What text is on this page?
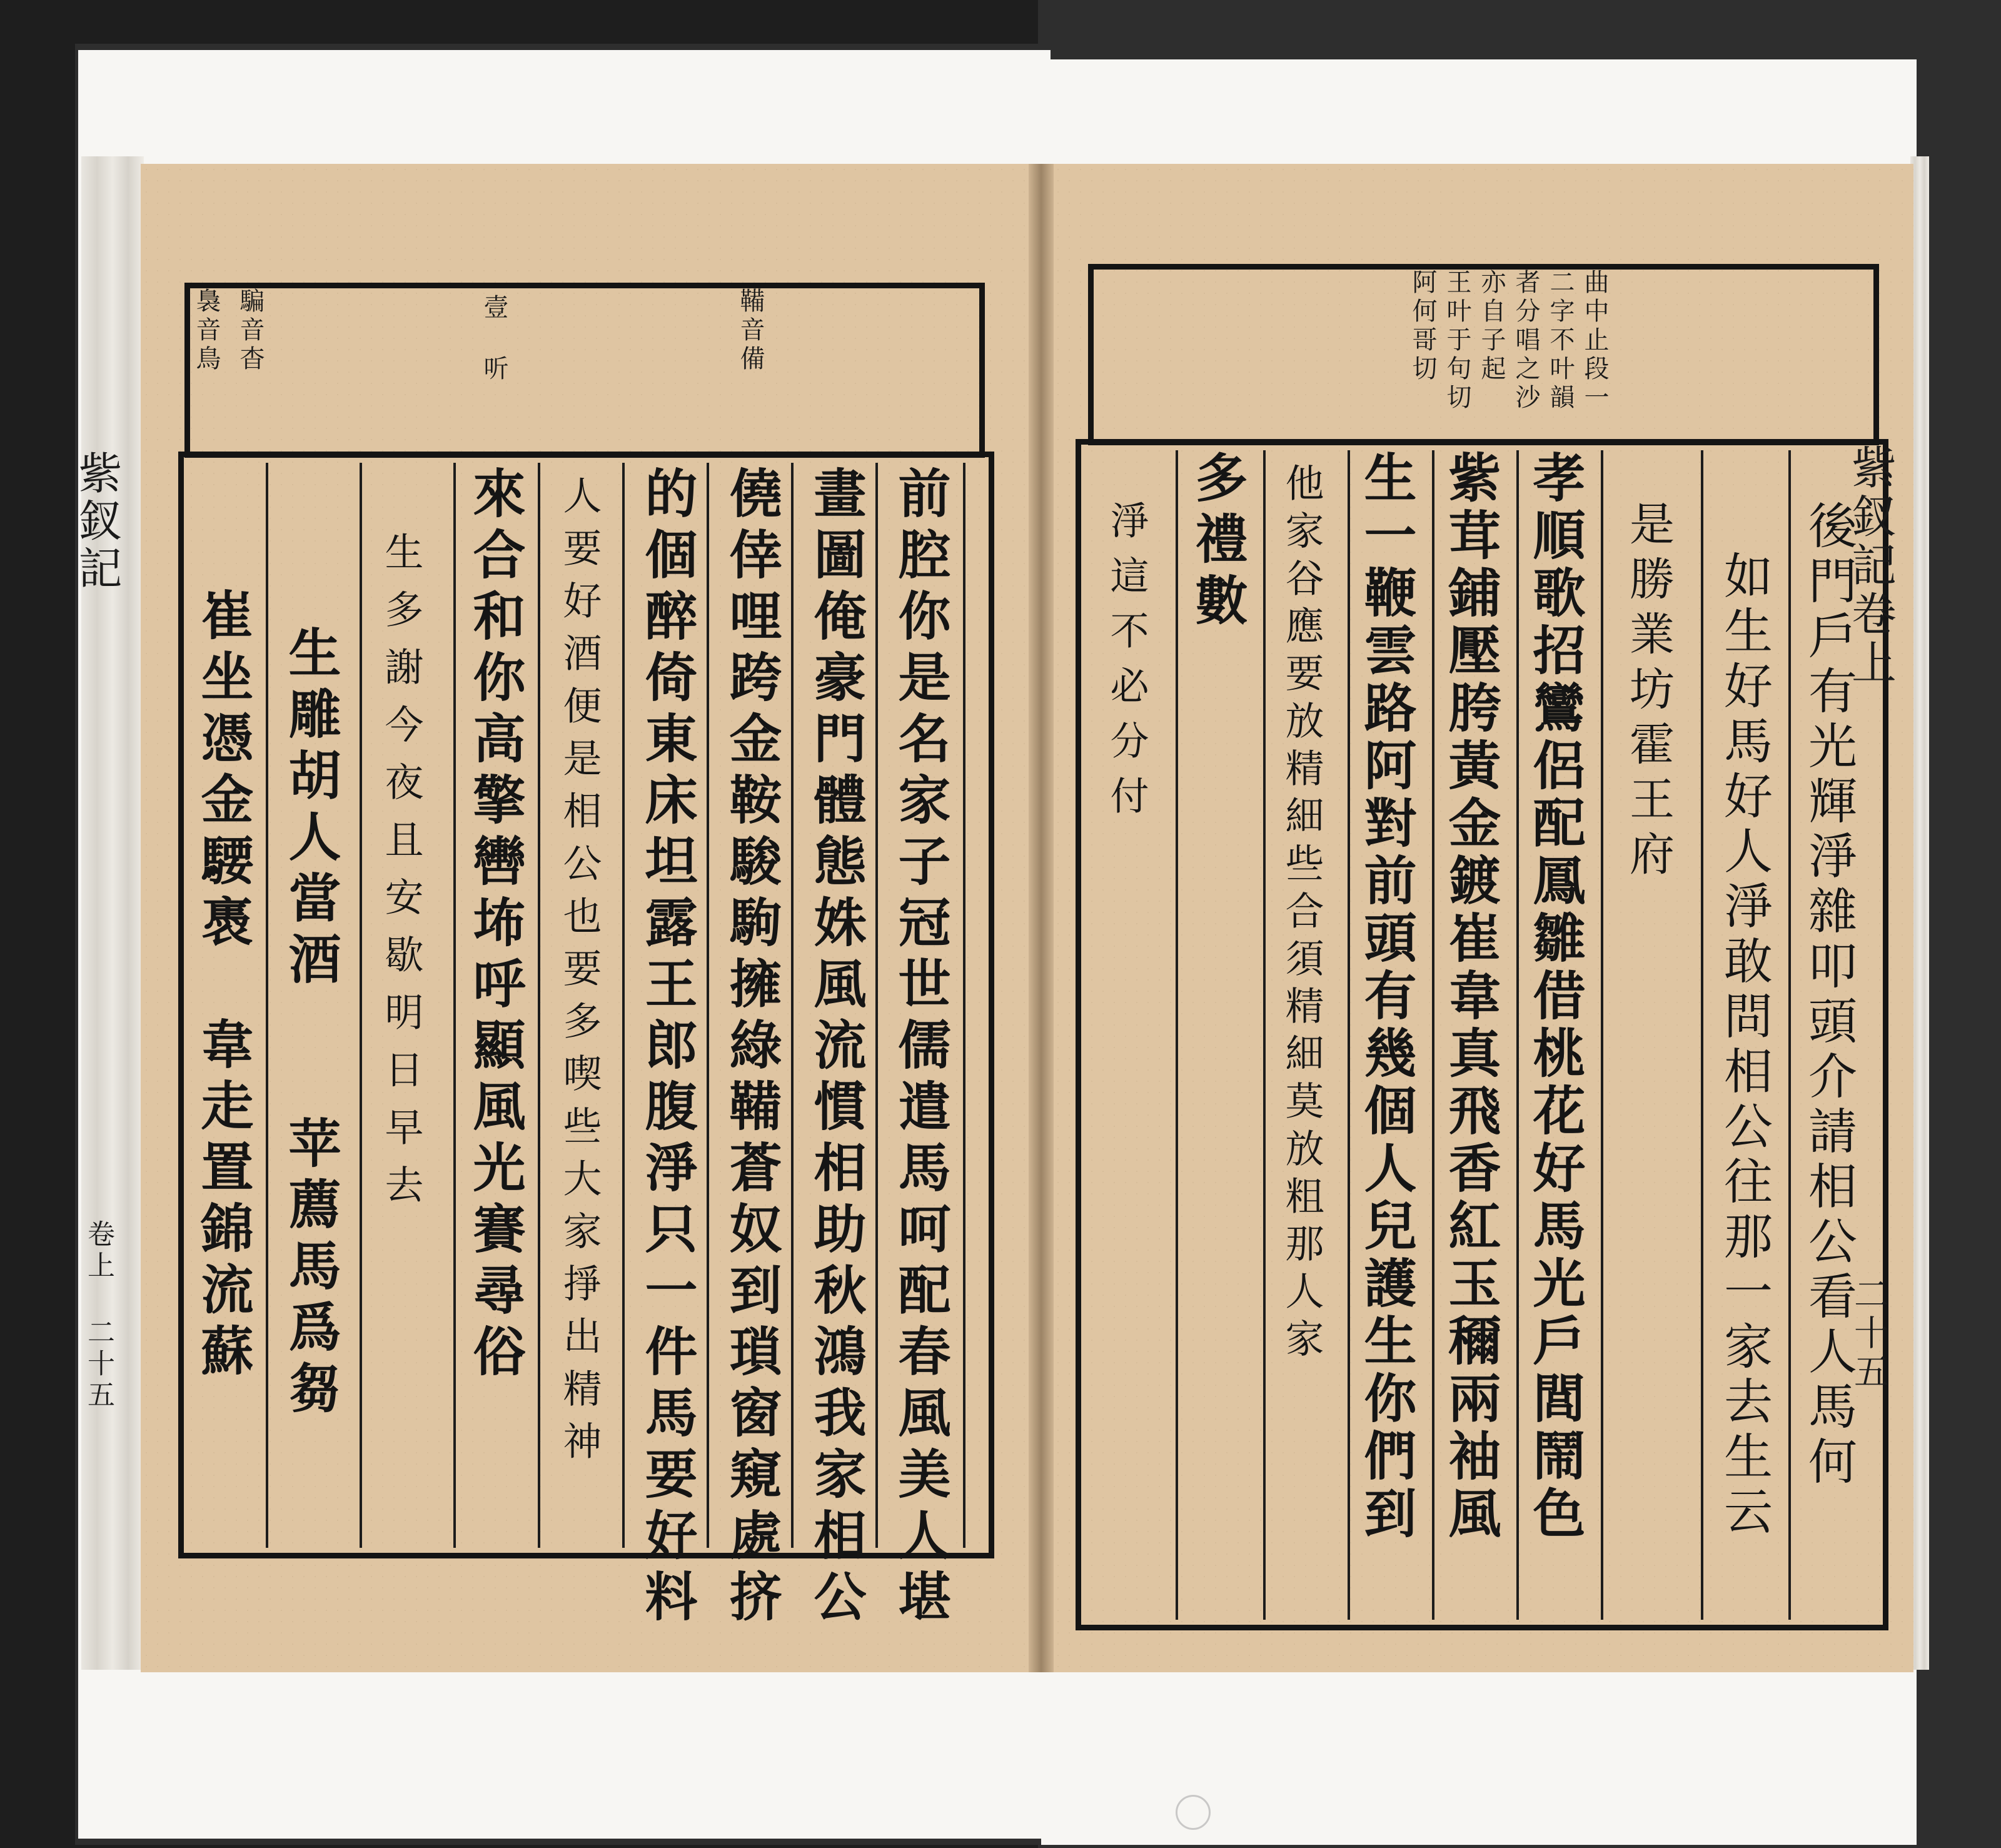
鞴音備
壹 听
騙音杳
裊音鳥
紫釵記
卷上 二十五	前腔你是名家子冠世儒遣馬呵配春風美人堪
畫圖俺豪門體態姝風流慣相助秋鴻我家相公
僥倖哩跨金鞍駿駒擁綠鞴蒼奴到瑣窗窺處挤
的個醉倚東床坦露王郎腹淨只一件馬要好料
人要好酒便是相公也要多喫些大家掙出精神
來合和你高擎轡㘵呼顯風光賽尋俗
生多謝今夜且安歇明日早去
生雕胡人當酒　　苹薦馬爲芻
崔坐憑金騕褭　韋走置錦流蘇
曲中止段一
二字不叶韻
者分唱之沙
亦自子起
王叶于句切
阿何哥切
紫釵記卷上
二十五
後門戶有光輝淨雜叩頭介請相公看人馬何
如生好馬好人淨敢問相公往那一家去生云
是勝業坊霍王府
孝順歌招鸞侶配鳳雛借桃花好馬光戶閭鬧色
紫茸鋪壓胯黃金鍍崔韋真飛香紅玉穪兩袖風
生一鞭雲路阿對前頭有幾個人兒護生你們到
他家谷應要放精細些合須精細莫放粗那人家
多禮數
淨這不必分付
